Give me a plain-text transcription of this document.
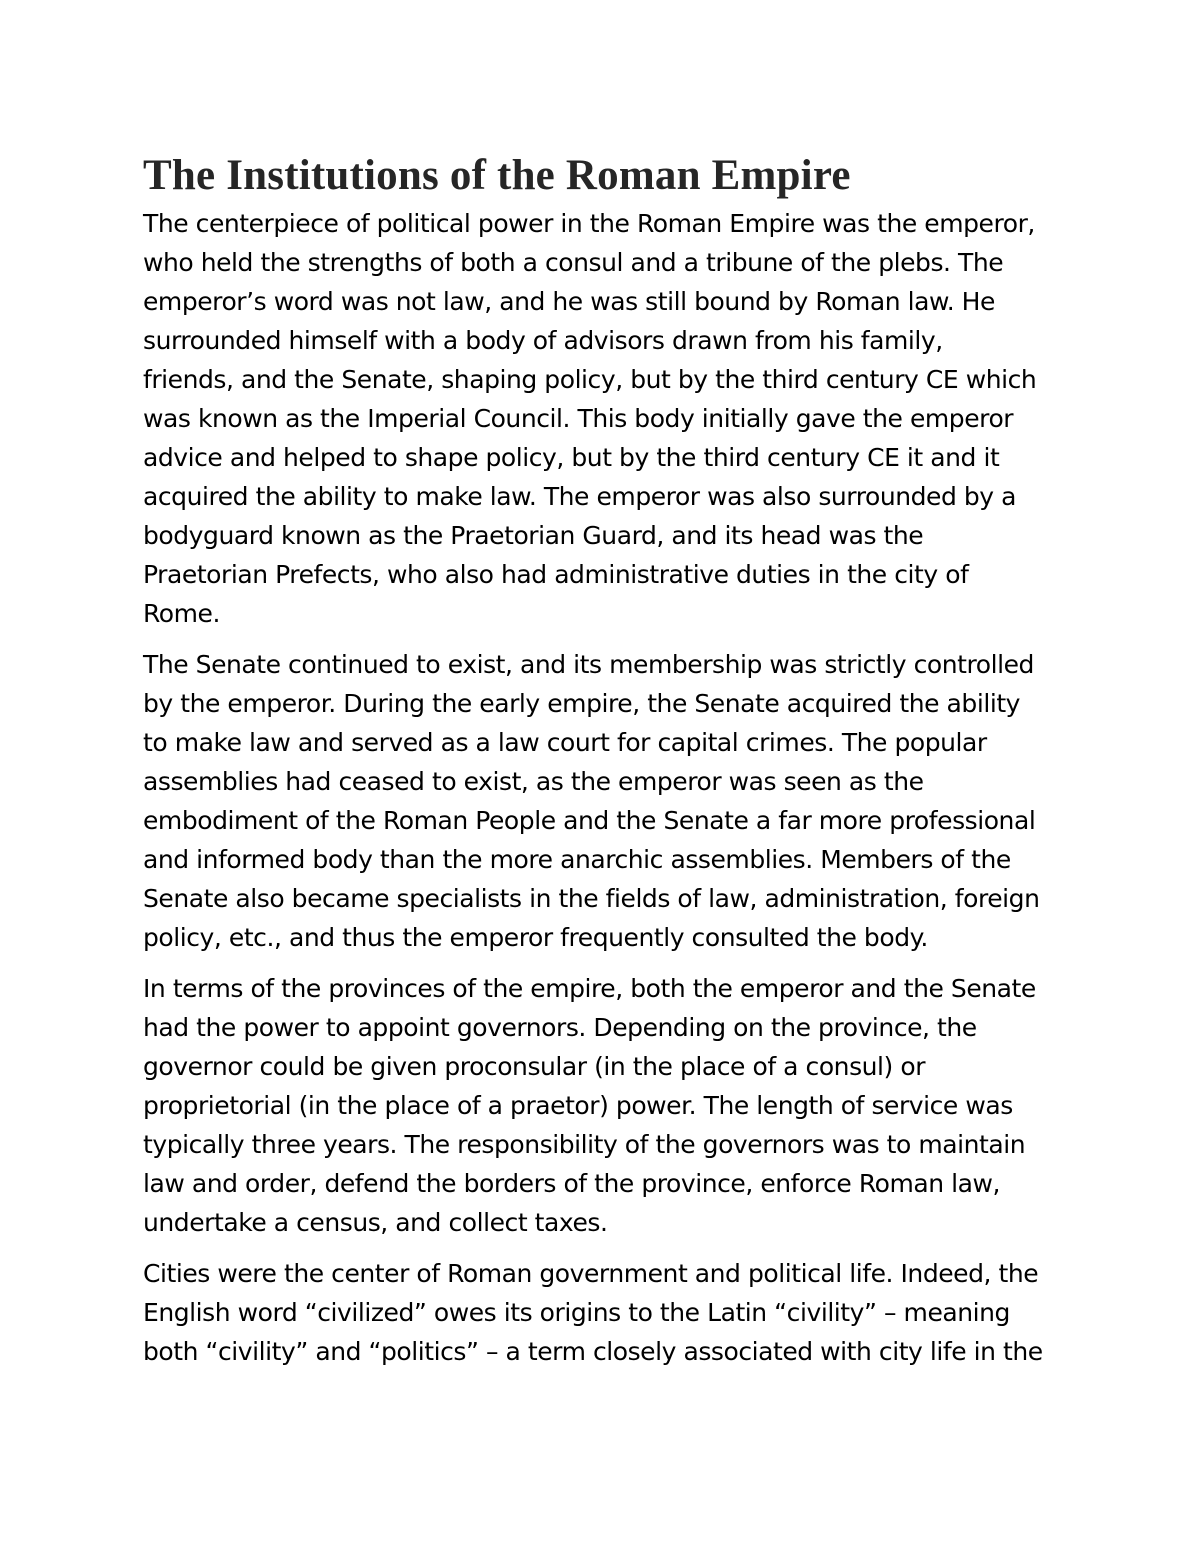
The Institutions of the Roman Empire

The centerpiece of political power in the Roman Empire was the emperor,
who held the strengths of both a consul and a tribune of the plebs. The
emperor’s word was not law, and he was still bound by Roman law. He
surrounded himself with a body of advisors drawn from his family,
friends, and the Senate, shaping policy, but by the third century CE which
was known as the Imperial Council. This body initially gave the emperor
advice and helped to shape policy, but by the third century CE it and it
acquired the ability to make law. The emperor was also surrounded by a
bodyguard known as the Praetorian Guard, and its head was the
Praetorian Prefects, who also had administrative duties in the city of
Rome.

The Senate continued to exist, and its membership was strictly controlled
by the emperor. During the early empire, the Senate acquired the ability
to make law and served as a law court for capital crimes. The popular
assemblies had ceased to exist, as the emperor was seen as the
embodiment of the Roman People and the Senate a far more professional
and informed body than the more anarchic assemblies. Members of the
Senate also became specialists in the fields of law, administration, foreign
policy, etc., and thus the emperor frequently consulted the body.

In terms of the provinces of the empire, both the emperor and the Senate
had the power to appoint governors. Depending on the province, the
governor could be given proconsular (in the place of a consul) or
proprietorial (in the place of a praetor) power. The length of service was
typically three years. The responsibility of the governors was to maintain
law and order, defend the borders of the province, enforce Roman law,
undertake a census, and collect taxes.

Cities were the center of Roman government and political life. Indeed, the
English word “civilized” owes its origins to the Latin “civility” – meaning
both “civility” and “politics” – a term closely associated with city life in the
